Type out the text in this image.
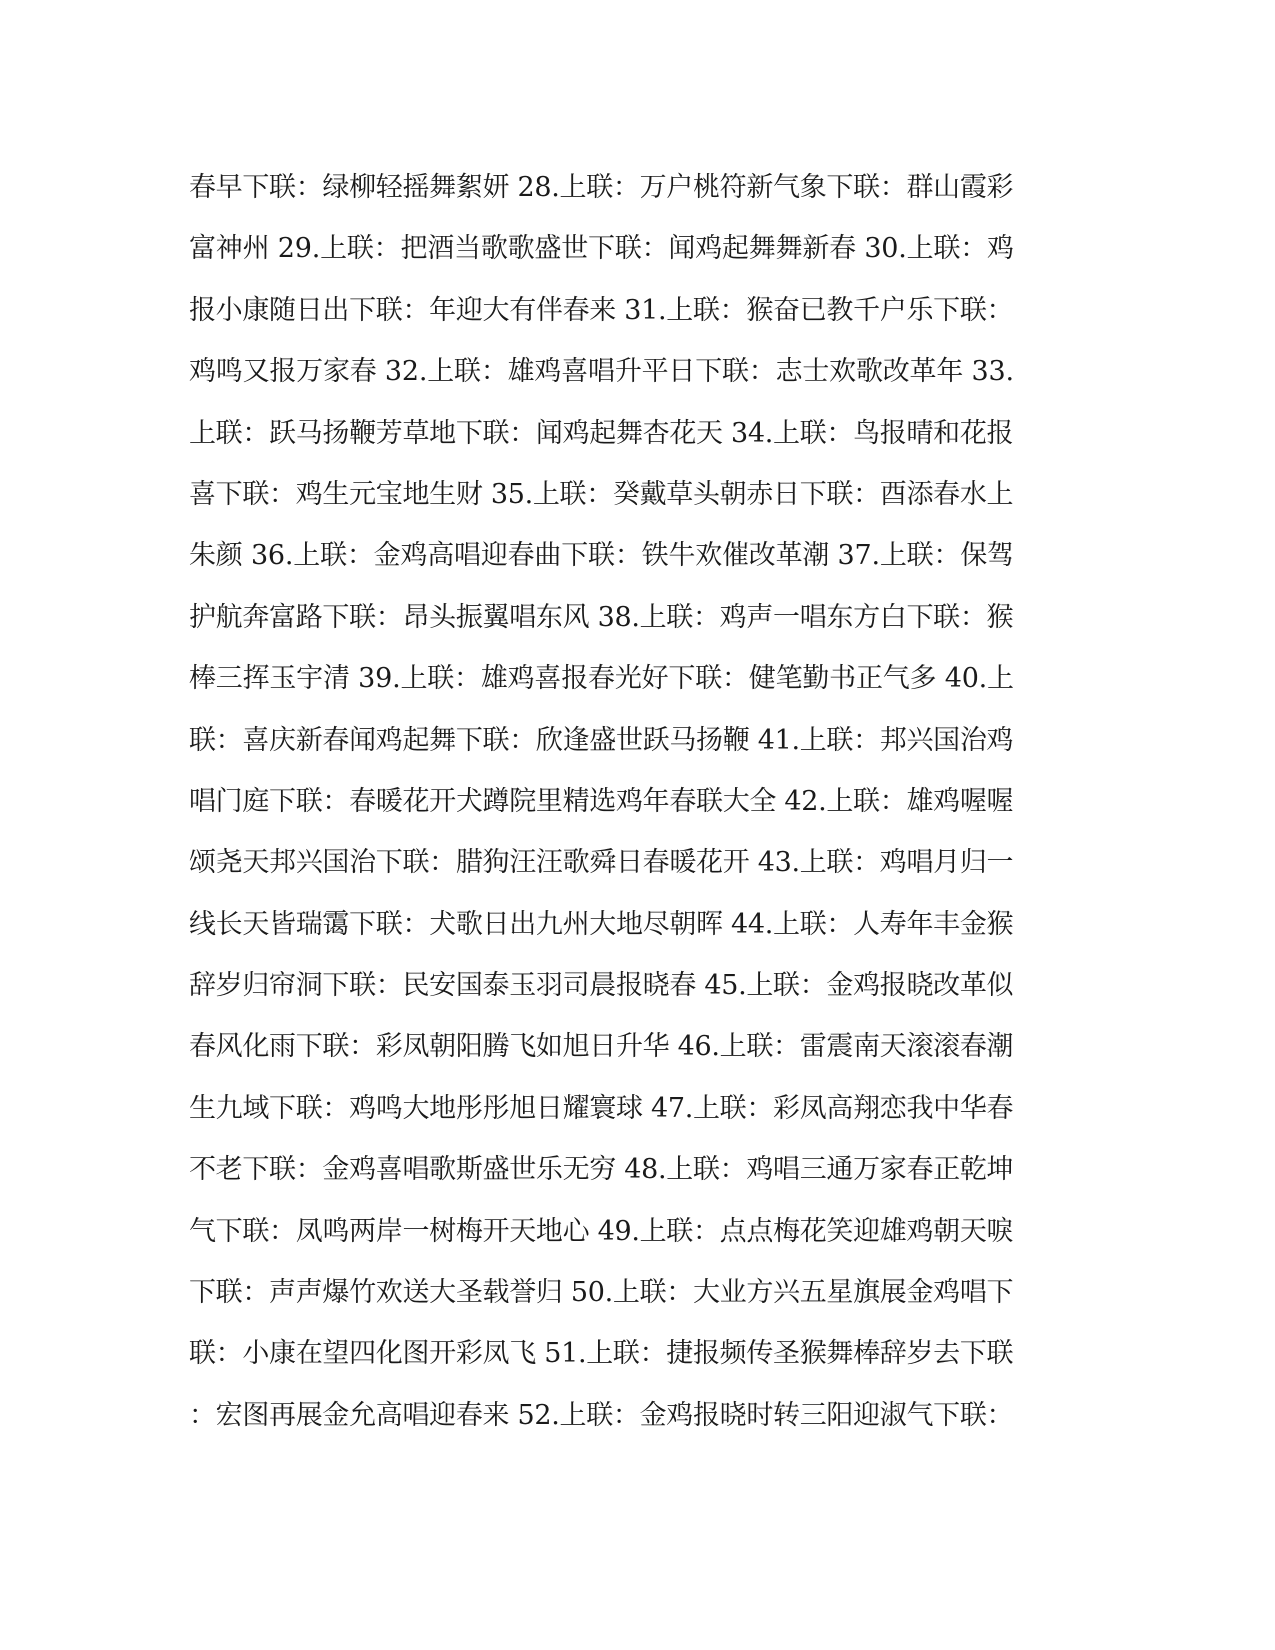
春早下联：绿柳轻摇舞絮妍 28.上联：万户桃符新气象下联：群山霞彩
富神州 29.上联：把酒当歌歌盛世下联：闻鸡起舞舞新春 30.上联：鸡
报小康随日出下联：年迎大有伴春来 31.上联：猴奋已教千户乐下联：
鸡鸣又报万家春 32.上联：雄鸡喜唱升平日下联：志士欢歌改革年 33.
上联：跃马扬鞭芳草地下联：闻鸡起舞杏花天 34.上联：鸟报晴和花报
喜下联：鸡生元宝地生财 35.上联：癸戴草头朝赤日下联：酉添春水上
朱颜 36.上联：金鸡高唱迎春曲下联：铁牛欢催改革潮 37.上联：保驾
护航奔富路下联：昂头振翼唱东风 38.上联：鸡声一唱东方白下联：猴
棒三挥玉宇清 39.上联：雄鸡喜报春光好下联：健笔勤书正气多 40.上
联：喜庆新春闻鸡起舞下联：欣逢盛世跃马扬鞭 41.上联：邦兴国治鸡
唱门庭下联：春暖花开犬蹲院里精选鸡年春联大全 42.上联：雄鸡喔喔
颂尧天邦兴国治下联：腊狗汪汪歌舜日春暖花开 43.上联：鸡唱月归一
线长天皆瑞霭下联：犬歌日出九州大地尽朝晖 44.上联：人寿年丰金猴
辞岁归帘洞下联：民安国泰玉羽司晨报晓春 45.上联：金鸡报晓改革似
春风化雨下联：彩凤朝阳腾飞如旭日升华 46.上联：雷震南天滚滚春潮
生九域下联：鸡鸣大地彤彤旭日耀寰球 47.上联：彩凤高翔恋我中华春
不老下联：金鸡喜唱歌斯盛世乐无穷 48.上联：鸡唱三通万家春正乾坤
气下联：凤鸣两岸一树梅开天地心 49.上联：点点梅花笑迎雄鸡朝天唳
下联：声声爆竹欢送大圣载誉归 50.上联：大业方兴五星旗展金鸡唱下
联：小康在望四化图开彩凤飞 51.上联：捷报频传圣猴舞棒辞岁去下联
：宏图再展金允高唱迎春来 52.上联：金鸡报晓时转三阳迎淑气下联：
